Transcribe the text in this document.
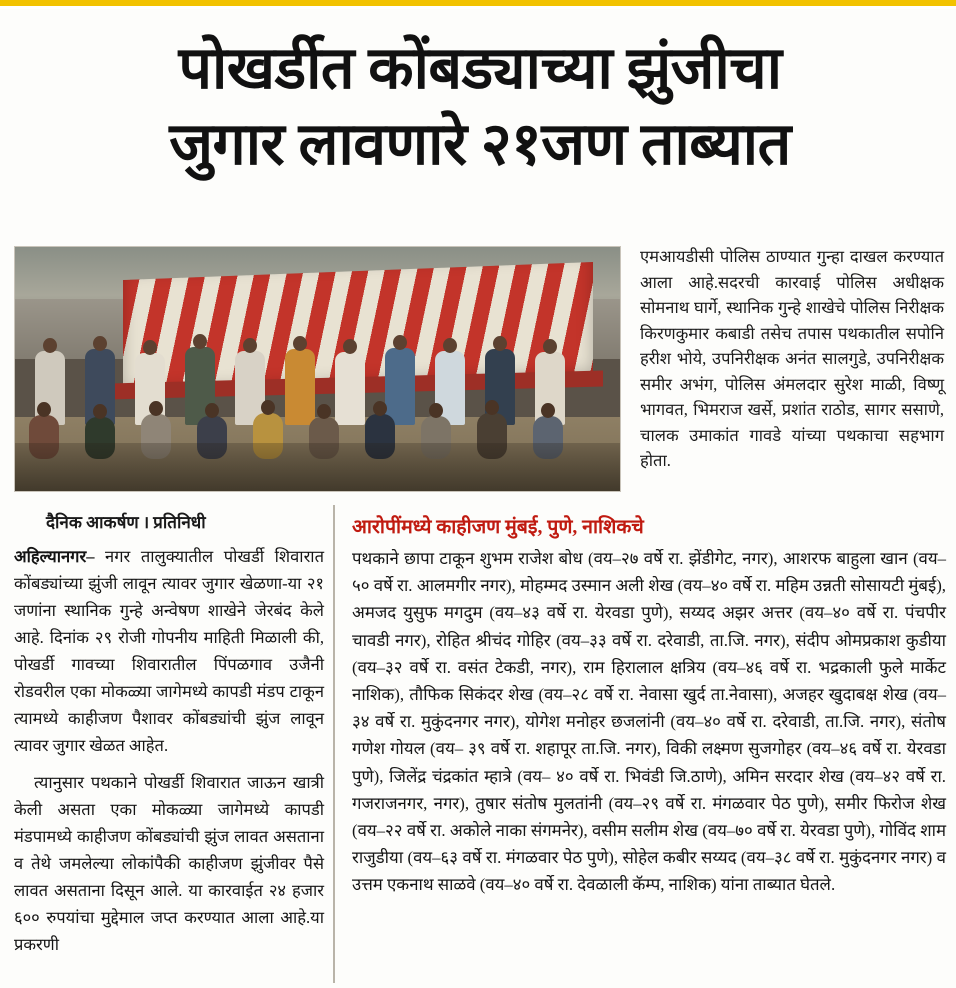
पोखर्डीत कोंबड्याच्या झुंजीचा
जुगार लावणारे २१जण ताब्यात
एमआयडीसी पोलिस ठाण्यात गुन्हा दाखल करण्यात आला आहे.सदरची कारवाई पोलिस अधीक्षक सोमनाथ घार्गे, स्थानिक गुन्हे शाखेचे पोलिस निरीक्षक किरणकुमार कबाडी तसेच तपास पथकातील सपोनि हरीश भोये, उपनिरीक्षक अनंत सालगुडे, उपनिरीक्षक समीर अभंग, पोलिस अंमलदार सुरेश माळी, विष्णू भागवत, भिमराज खर्से, प्रशांत राठोड, सागर ससाणे, चालक उमाकांत गावडे यांच्या पथकाचा सहभाग होता.
दैनिक आकर्षण । प्रतिनिधी

अहिल्यानगर– नगर तालुक्यातील पोखर्डी शिवारात कोंबड्यांच्या झुंजी लावून त्यावर जुगार खेळणा-या २१ जणांना स्थानिक गुन्हे अन्वेषण शाखेने जेरबंद केले आहे. दिनांक २९ रोजी गोपनीय माहिती मिळाली की, पोखर्डी गावच्या शिवारातील पिंपळगाव उजैनी रोडवरील एका मोकळ्या जागेमध्ये कापडी मंडप टाकून त्यामध्ये काहीजण पैशावर कोंबड्यांची झुंज लावून त्यावर जुगार खेळत आहेत.

त्यानुसार पथकाने पोखर्डी शिवारात जाऊन खात्री केली असता एका मोकळ्या जागेमध्ये कापडी मंडपामध्ये काहीजण कोंबड्यांची झुंज लावत असताना व तेथे जमलेल्या लोकांपैकी काहीजण झुंजीवर पैसे लावत असताना दिसून आले. या कारवाईत २४ हजार ६०० रुपयांचा मुद्देमाल जप्त करण्यात आला आहे.या प्रकरणी

आरोपींमध्ये काहीजण मुंबई, पुणे, नाशिकचे

पथकाने छापा टाकून शुभम राजेश बोध (वय–२७ वर्षे रा. झेंडीगेट, नगर), आशरफ बाहुला खान (वय–५० वर्षे रा. आलमगीर नगर), मोहम्मद उस्मान अली शेख (वय–४० वर्षे रा. महिम उन्नती सोसायटी मुंबई), अमजद युसुफ मगदुम (वय–४३ वर्षे रा. येरवडा पुणे), सय्यद अझर अत्तर (वय–४० वर्षे रा. पंचपीर चावडी नगर), रोहित श्रीचंद गोहिर (वय–३३ वर्षे रा. दरेवाडी, ता.जि. नगर), संदीप ओमप्रकाश कुडीया (वय–३२ वर्षे रा. वसंत टेकडी, नगर), राम हिरालाल क्षत्रिय (वय–४६ वर्षे रा. भद्रकाली फुले मार्केट नाशिक), तौफिक सिकंदर शेख (वय–२८ वर्षे रा. नेवासा खुर्द ता.नेवासा), अजहर खुदाबक्ष शेख (वय–३४ वर्षे रा. मुकुंदनगर नगर), योगेश मनोहर छजलांनी (वय–४० वर्षे रा. दरेवाडी, ता.जि. नगर), संतोष गणेश गोयल (वय– ३९ वर्षे रा. शहापूर ता.जि. नगर), विकी लक्ष्मण सुजगोहर (वय–४६ वर्षे रा. येरवडा पुणे), जिलेंद्र चंद्रकांत म्हात्रे (वय– ४० वर्षे रा. भिवंडी जि.ठाणे), अमिन सरदार शेख (वय–४२ वर्षे रा. गजराजनगर, नगर), तुषार संतोष मुलतांनी (वय–२९ वर्षे रा. मंगळवार पेठ पुणे), समीर फिरोज शेख (वय–२२ वर्षे रा. अकोले नाका संगमनेर), वसीम सलीम शेख (वय–७० वर्षे रा. येरवडा पुणे), गोविंद शाम राजुडीया (वय–६३ वर्षे रा. मंगळवार पेठ पुणे), सोहेल कबीर सय्यद (वय–३८ वर्षे रा. मुकुंदनगर नगर) व उत्तम एकनाथ साळवे (वय–४० वर्षे रा. देवळाली कॅम्प, नाशिक) यांना ताब्यात घेतले.
